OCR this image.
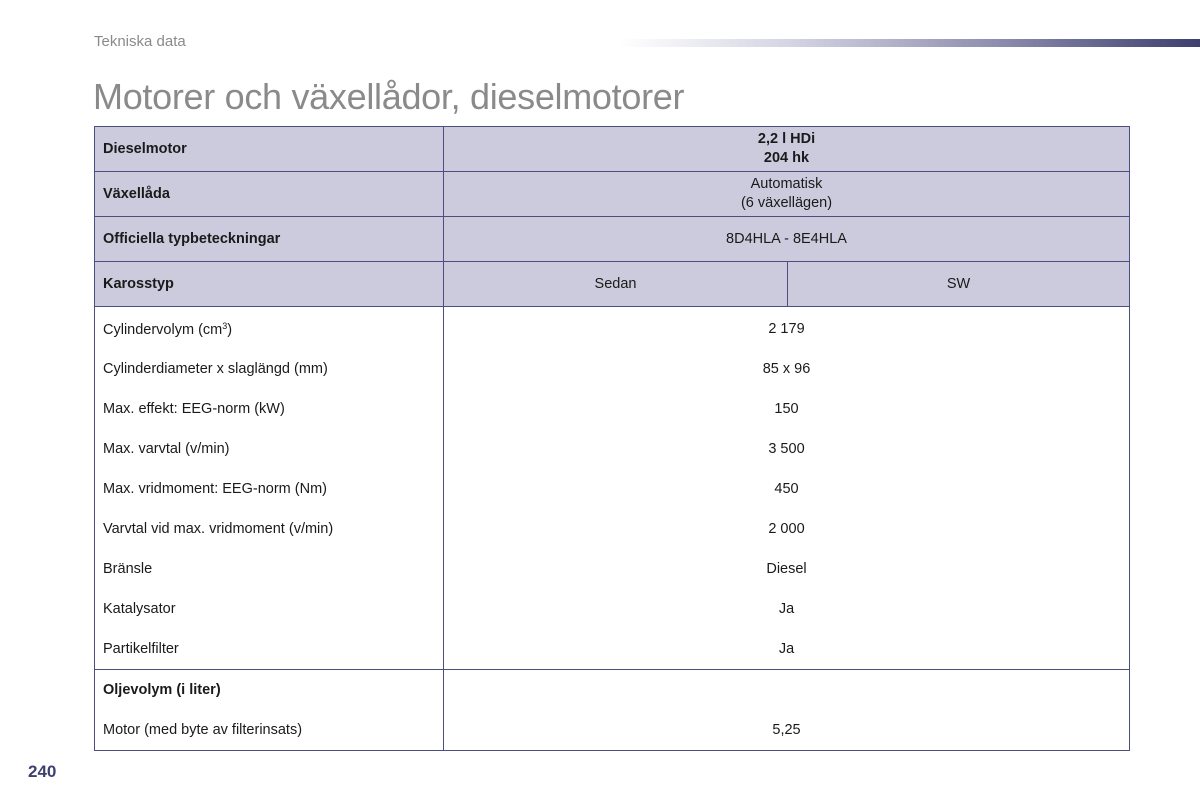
Tekniska data
Motorer och växellådor, dieselmotorer
Dieselmotor	2,2 l HDi
204 hk	

Växellåda	Automatisk
(6 växellägen)	

Officiella typbeteckningar	8D4HLA - 8E4HLA	
Karosstyp	Sedan	SW
Cylindervolym $(cm^3)$	2 179	
Cylinderdiameter x slaglängd (mm)	85 x 96	
Max. effekt: EEG-norm (kW)	150	
Max. varvtal (v/min)	3 500	
Max. vridmoment: EEG-norm (Nm)	450	
Varvtal vid max. vridmoment (v/min)	2 000	
Bränsle	Diesel	
Katalysator	Ja	
Partikelfilter	Ja	
Oljevolym (i liter)		
Motor (med byte av filterinsats)	5,25	
240
